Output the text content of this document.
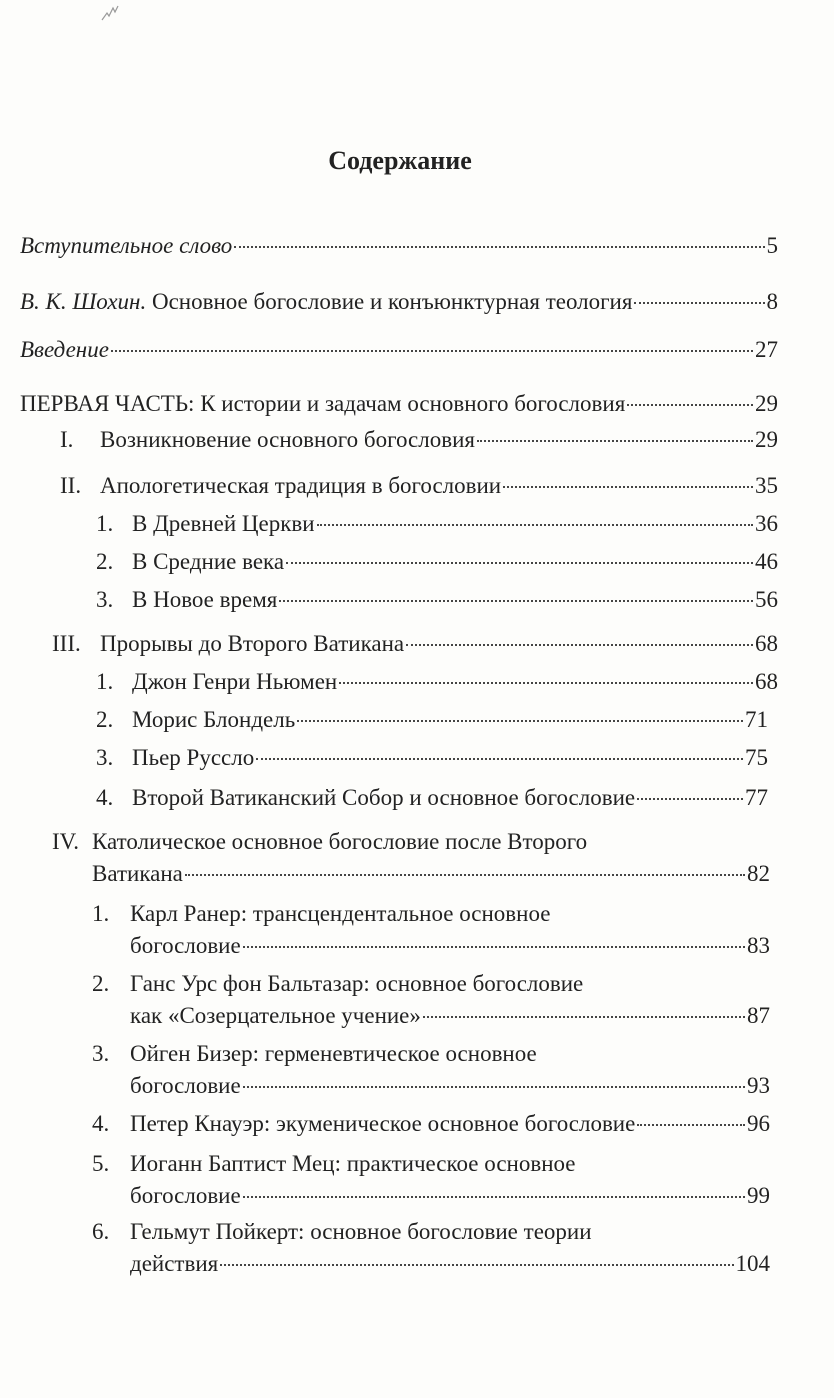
Содержание
Вступительное слово	5
В. К. Шохин. Основное богословие и конъюнктурная теология	8
Введение	27
ПЕРВАЯ ЧАСТЬ: К истории и задачам основного богословия	29
I.	Возникновение основного богословия	29
II. Апологетическая традиция в богословии	35
1. В Древней Церкви	36
2. В Средние века	46
3. В Новое время	56
III. Прорывы до Второго Ватикана	68
1. Джон Генри Ньюмен	68
2. Морис Блондель	71
3. Пьер Руссло	75
4. Второй Ватиканский Собор и основное богословие	77
IV. Католическое основное богословие после Второго
Ватикана	82
1. Карл Ранер: трансцендентальное основное
богословие	83
2. Ганс Урс фон Бальтазар: основное богословие
как «Созерцательное учение»	87
3. Ойген Бизер: герменевтическое основное
богословие	93
4. Петер Кнауэр: экуменическое основное богословие	96
5. Иоганн Баптист Мец: практическое основное
богословие	99
6. Гельмут Пойкерт: основное богословие теории
действия	104
